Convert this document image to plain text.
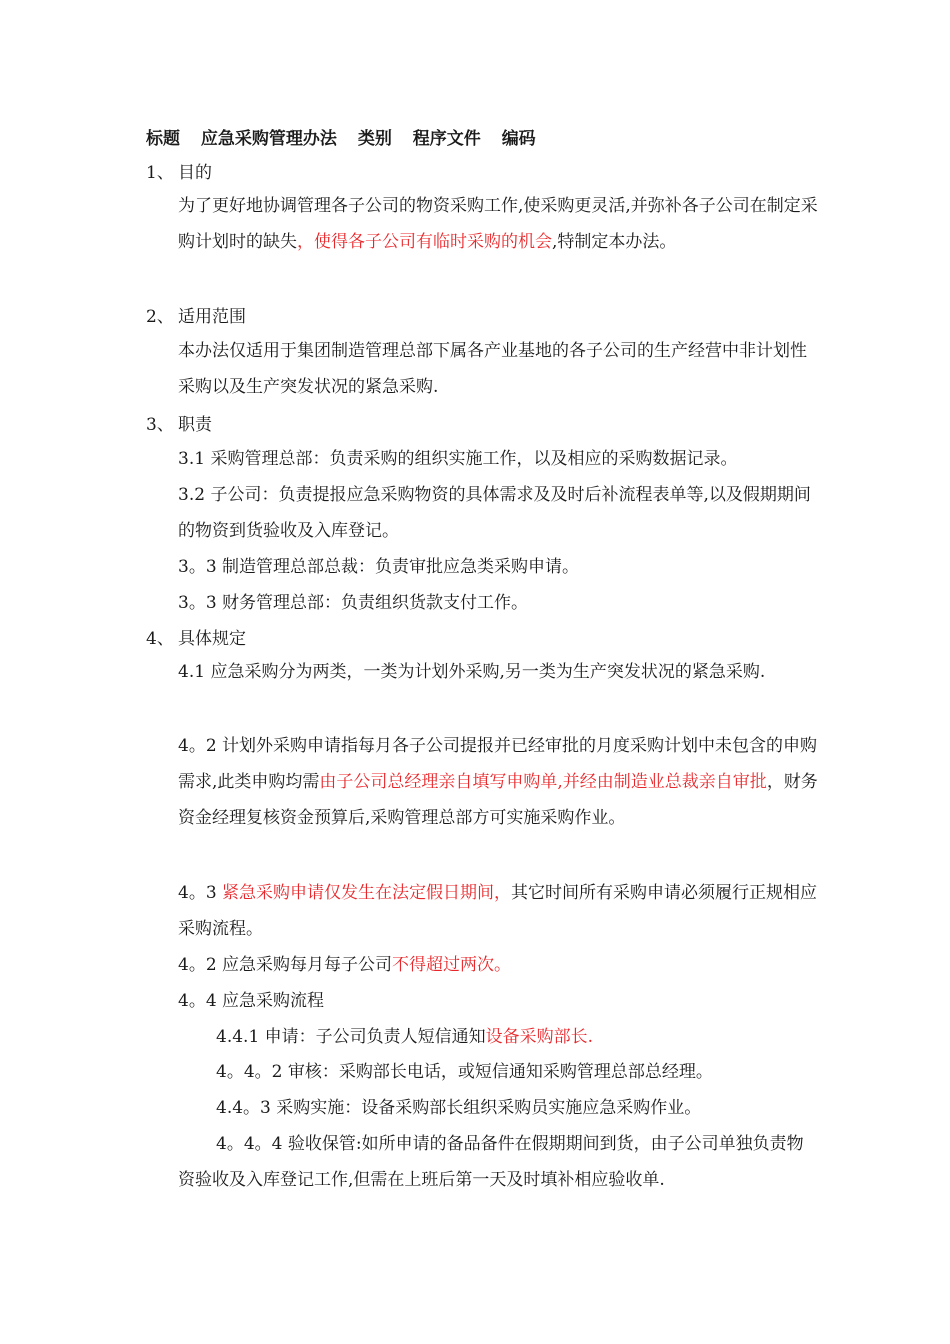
标题 应急采购管理办法 类别 程序文件 编码
1、 目的
为了更好地协调管理各子公司的物资采购工作,使采购更灵活,并弥补各子公司在制定采购计划时的缺失，使得各子公司有临时采购的机会,特制定本办法。
2、 适用范围
本办法仅适用于集团制造管理总部下属各产业基地的各子公司的生产经营中非计划性采购以及生产突发状况的紧急采购.
3、 职责
3.1 采购管理总部：负责采购的组织实施工作，以及相应的采购数据记录。
3.2 子公司：负责提报应急采购物资的具体需求及及时后补流程表单等,以及假期期间的物资到货验收及入库登记。
3。3 制造管理总部总裁：负责审批应急类采购申请。
3。3 财务管理总部：负责组织货款支付工作。
4、 具体规定
4.1 应急采购分为两类，一类为计划外采购,另一类为生产突发状况的紧急采购.
4。2 计划外采购申请指每月各子公司提报并已经审批的月度采购计划中未包含的申购需求,此类申购均需由子公司总经理亲自填写申购单,并经由制造业总裁亲自审批，财务资金经理复核资金预算后,采购管理总部方可实施采购作业。
4。3 紧急采购申请仅发生在法定假日期间，其它时间所有采购申请必须履行正规相应采购流程。
4。2 应急采购每月每子公司不得超过两次。
4。4 应急采购流程
4.4.1 申请：子公司负责人短信通知设备采购部长.
4。4。2 审核：采购部长电话，或短信通知采购管理总部总经理。
4.4。3 采购实施：设备采购部长组织采购员实施应急采购作业。
4。4。4 验收保管:如所申请的备品备件在假期期间到货，由子公司单独负责物资验收及入库登记工作,但需在上班后第一天及时填补相应验收单.
